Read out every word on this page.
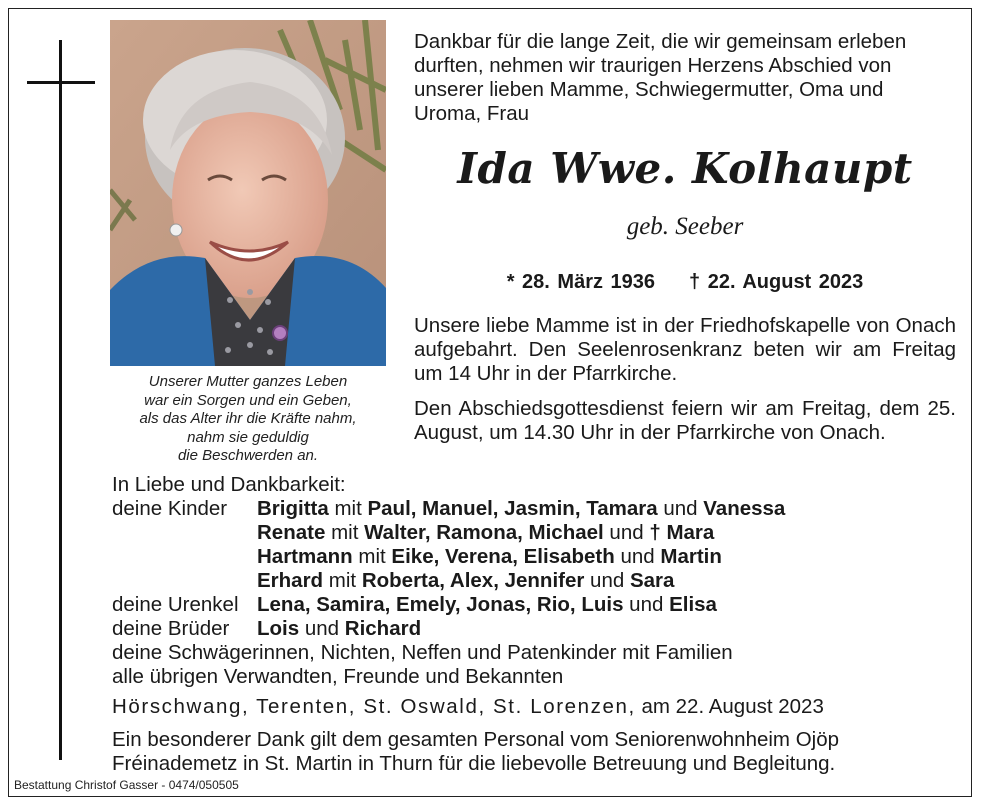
Unserer Mutter ganzes Leben
war ein Sorgen und ein Geben,
als das Alter ihr die Kräfte nahm,
nahm sie geduldig
die Beschwerden an.
Dankbar für die lange Zeit, die wir gemeinsam erleben durften, nehmen wir traurigen Herzens Abschied von unserer lieben Mamme, Schwiegermutter, Oma und Uroma, Frau
Ida Wwe. Kolhaupt
geb. Seeber
* 28. März 1936 † 22. August 2023
Unsere liebe Mamme ist in der Friedhofskapelle von Onach aufgebahrt. Den Seelenrosenkranz beten wir am Freitag um 14 Uhr in der Pfarrkirche.
Den Abschiedsgottesdienst feiern wir am Freitag, dem 25. August, um 14.30 Uhr in der Pfarrkirche von Onach.
In Liebe und Dankbarkeit:
deine Kinder	Brigitta mit Paul, Manuel, Jasmin, Tamara und Vanessa
Renate mit Walter, Ramona, Michael und † Mara
Hartmann mit Eike, Verena, Elisabeth und Martin
Erhard mit Roberta, Alex, Jennifer und Sara
deine Urenkel Lena, Samira, Emely, Jonas, Rio, Luis und Elisa
deine Brüder	Lois und Richard
deine Schwägerinnen, Nichten, Neffen und Patenkinder mit Familien
alle übrigen Verwandten, Freunde und Bekannten
Hörschwang, Terenten, St. Oswald, St. Lorenzen, am 22. August 2023
Ein besonderer Dank gilt dem gesamten Personal vom Seniorenwohnheim Ojöp Fréinademetz in St. Martin in Thurn für die liebevolle Betreuung und Begleitung.
Bestattung Christof Gasser - 0474/050505
